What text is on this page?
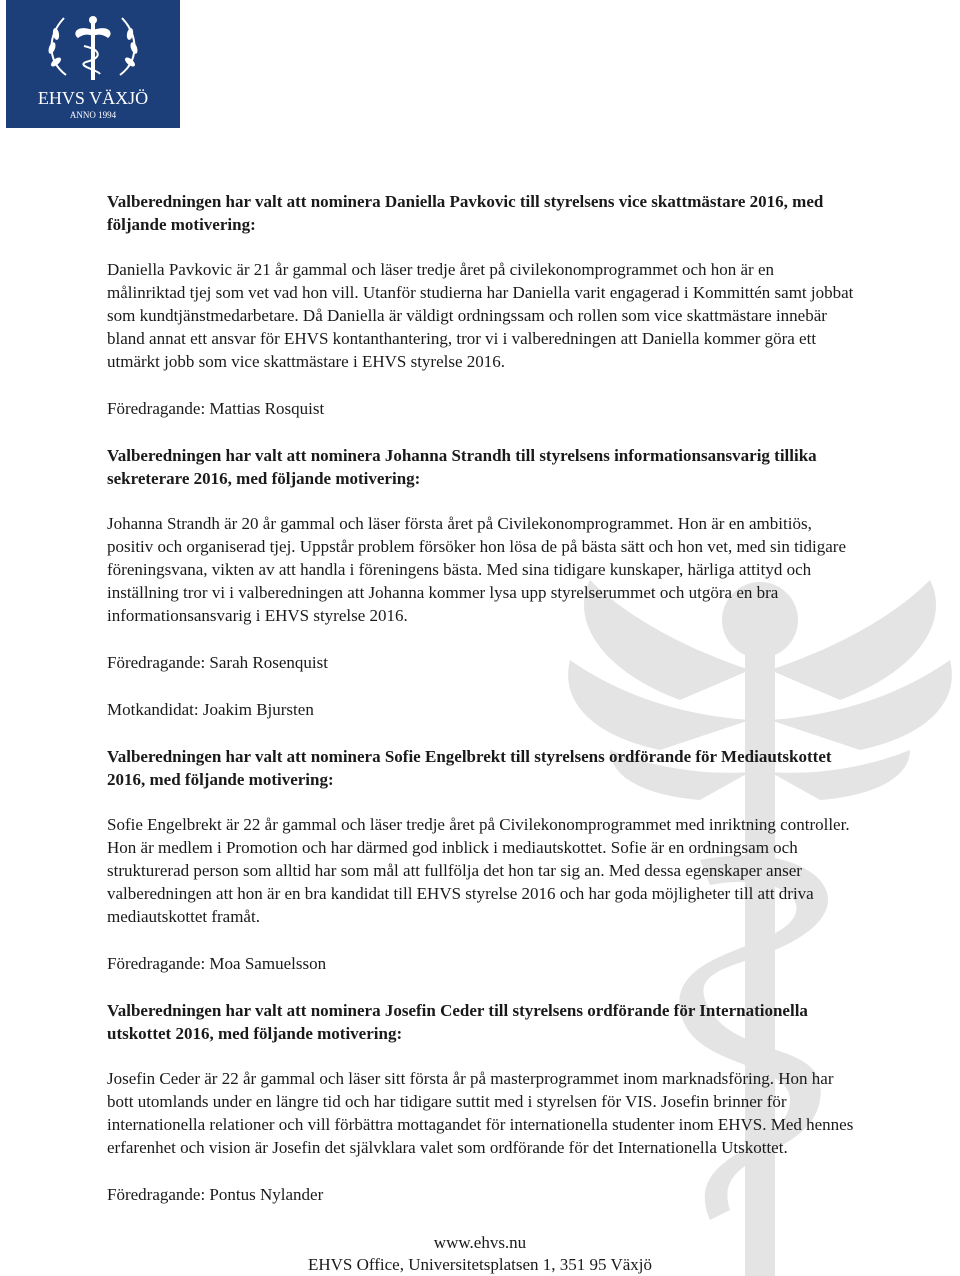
EHVS VÄXJÖ
ANNO 1994

Valberedningen har valt att nominera Daniella Pavkovic till styrelsens vice skattmästare 2016, med följande motivering:

Daniella Pavkovic är 21 år gammal och läser tredje året på civilekonomprogrammet och hon är en målinriktad tjej som vet vad hon vill. Utanför studierna har Daniella varit engagerad i Kommittén samt jobbat som kundtjänstmedarbetare. Då Daniella är väldigt ordningssam och rollen som vice skattmästare innebär bland annat ett ansvar för EHVS kontanthantering, tror vi i valberedningen att Daniella kommer göra ett utmärkt jobb som vice skattmästare i EHVS styrelse 2016.

Föredragande: Mattias Rosquist

Valberedningen har valt att nominera Johanna Strandh till styrelsens informationsansvarig tillika sekreterare 2016, med följande motivering:

Johanna Strandh är 20 år gammal och läser första året på Civilekonomprogrammet. Hon är en ambitiös, positiv och organiserad tjej. Uppstår problem försöker hon lösa de på bästa sätt och hon vet, med sin tidigare föreningsvana, vikten av att handla i föreningens bästa. Med sina tidigare kunskaper, härliga attityd och inställning tror vi i valberedningen att Johanna kommer lysa upp styrelserummet och utgöra en bra informationsansvarig i EHVS styrelse 2016.

Föredragande: Sarah Rosenquist

Motkandidat: Joakim Bjursten

Valberedningen har valt att nominera Sofie Engelbrekt till styrelsens ordförande för Mediautskottet 2016, med följande motivering:

Sofie Engelbrekt är 22 år gammal och läser tredje året på Civilekonomprogrammet med inriktning controller. Hon är medlem i Promotion och har därmed god inblick i mediautskottet. Sofie är en ordningsam och strukturerad person som alltid har som mål att fullfölja det hon tar sig an. Med dessa egenskaper anser valberedningen att hon är en bra kandidat till EHVS styrelse 2016 och har goda möjligheter till att driva mediautskottet framåt.

Föredragande: Moa Samuelsson

Valberedningen har valt att nominera Josefin Ceder till styrelsens ordförande för Internationella utskottet 2016, med följande motivering:

Josefin Ceder är 22 år gammal och läser sitt första år på masterprogrammet inom marknadsföring. Hon har bott utomlands under en längre tid och har tidigare suttit med i styrelsen för VIS. Josefin brinner för internationella relationer och vill förbättra mottagandet för internationella studenter inom EHVS. Med hennes erfarenhet och vision är Josefin det självklara valet som ordförande för det Internationella Utskottet.

Föredragande: Pontus Nylander

www.ehvs.nu
EHVS Office, Universitetsplatsen 1, 351 95 Växjö
